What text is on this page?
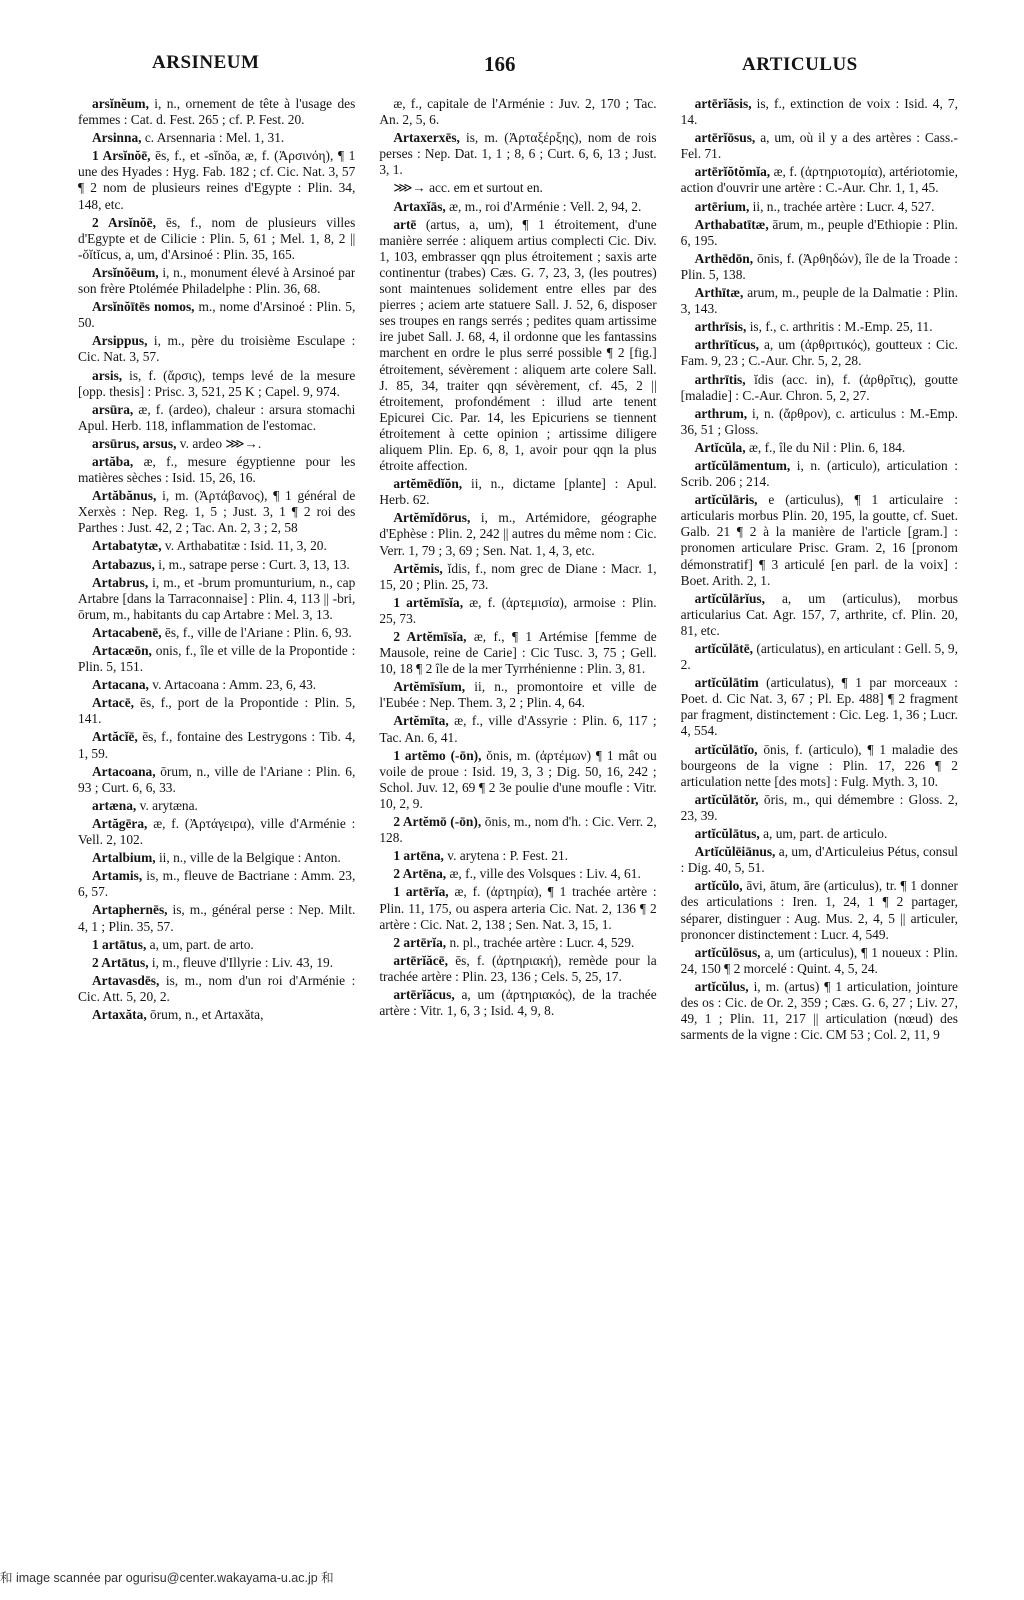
ARSINEUM	166	ARTICULUS

arsĭnĕum, i, n., ornement de tête à l'usage des femmes : Cat. d. Fest. 265 ; cf. P. Fest. 20.

Arsinna, c. Arsennaria : Mel. 1, 31.

1 Arsĭnŏē, ēs, f., et -sĭnŏa, æ, f. (Ἀρσινόη), ¶ 1 une des Hyades : Hyg. Fab. 182 ; cf. Cic. Nat. 3, 57 ¶ 2 nom de plusieurs reines d'Egypte : Plin. 34, 148, etc.

2 Arsĭnŏē, ēs, f., nom de plusieurs villes d'Egypte et de Cilicie : Plin. 5, 61 ; Mel. 1, 8, 2 || -ŏĭtĭcus, a, um, d'Arsinoé : Plin. 35, 165.

Arsĭnŏēum, i, n., monument élevé à Arsinoé par son frère Ptolémée Philadelphe : Plin. 36, 68.

Arsĭnŏītēs nomos, m., nome d'Arsinoé : Plin. 5, 50.

Arsippus, i, m., père du troisième Esculape : Cic. Nat. 3, 57.

arsis, is, f. (ἄρσις), temps levé de la mesure [opp. thesis] : Prisc. 3, 521, 25 K ; Capel. 9, 974.

arsūra, æ, f. (ardeo), chaleur : arsura stomachi Apul. Herb. 118, inflammation de l'estomac.

arsūrus, arsus, v. ardeo ⋙→.

artăba, æ, f., mesure égyptienne pour les matières sèches : Isid. 15, 26, 16.

Artăbănus, i, m. (Ἀρτάβανος), ¶ 1 général de Xerxès : Nep. Reg. 1, 5 ; Just. 3, 1 ¶ 2 roi des Parthes : Just. 42, 2 ; Tac. An. 2, 3 ; 2, 58

Artabatytæ, v. Arthabatitæ : Isid. 11, 3, 20.

Artabazus, i, m., satrape perse : Curt. 3, 13, 13.

Artabrus, i, m., et -brum promunturium, n., cap Artabre [dans la Tarraconnaise] : Plin. 4, 113 || -bri, ōrum, m., habitants du cap Artabre : Mel. 3, 13.

Artacabenē, ēs, f., ville de l'Ariane : Plin. 6, 93.

Artacæōn, onis, f., île et ville de la Propontide : Plin. 5, 151.

Artacana, v. Artacoana : Amm. 23, 6, 43.

Artacē, ēs, f., port de la Propontide : Plin. 5, 141.

Artăcĭē, ēs, f., fontaine des Lestrygons : Tib. 4, 1, 59.

Artacoana, ōrum, n., ville de l'Ariane : Plin. 6, 93 ; Curt. 6, 6, 33.

artæna, v. arytæna.

Artăgēra, æ, f. (Ἀρτάγειρα), ville d'Arménie : Vell. 2, 102.

Artalbium, ii, n., ville de la Belgique : Anton.

Artamis, is, m., fleuve de Bactriane : Amm. 23, 6, 57.

Artaphernēs, is, m., général perse : Nep. Milt. 4, 1 ; Plin. 35, 57.

1 artātus, a, um, part. de arto.

2 Artātus, i, m., fleuve d'Illyrie : Liv. 43, 19.

Artavasdēs, is, m., nom d'un roi d'Arménie : Cic. Att. 5, 20, 2.

Artaxăta, ōrum, n., et Artaxăta,

æ, f., capitale de l'Arménie : Juv. 2, 170 ; Tac. An. 2, 5, 6.

Artaxerxēs, is, m. (Ἀρταξέρξης), nom de rois perses : Nep. Dat. 1, 1 ; 8, 6 ; Curt. 6, 6, 13 ; Just. 3, 1.

⋙→ acc. em et surtout en.

Artaxĭās, æ, m., roi d'Arménie : Vell. 2, 94, 2.

artē (artus, a, um), ¶ 1 étroitement, d'une manière serrée : aliquem artius complecti Cic. Div. 1, 103, embrasser qqn plus étroitement ; saxis arte continentur (trabes) Cæs. G. 7, 23, 3, (les poutres) sont maintenues solidement entre elles par des pierres ; aciem arte statuere Sall. J. 52, 6, disposer ses troupes en rangs serrés ; pedites quam artissime ire jubet Sall. J. 68, 4, il ordonne que les fantassins marchent en ordre le plus serré possible ¶ 2 [fig.] étroitement, sévèrement : aliquem arte colere Sall. J. 85, 34, traiter qqn sévèrement, cf. 45, 2 || étroitement, profondément : illud arte tenent Epicurei Cic. Par. 14, les Epicuriens se tiennent étroitement à cette opinion ; artissime diligere aliquem Plin. Ep. 6, 8, 1, avoir pour qqn la plus étroite affection.

artĕmēdĭŏn, ii, n., dictame [plante] : Apul. Herb. 62.

Artĕmĭdōrus, i, m., Artémidore, géographe d'Ephèse : Plin. 2, 242 || autres du même nom : Cic. Verr. 1, 79 ; 3, 69 ; Sen. Nat. 1, 4, 3, etc.

Artĕmis, ĭdis, f., nom grec de Diane : Macr. 1, 15, 20 ; Plin. 25, 73.

1 artĕmīsĭa, æ, f. (ἀρτεμισία), armoise : Plin. 25, 73.

2 Artĕmīsĭa, æ, f., ¶ 1 Artémise [femme de Mausole, reine de Carie] : Cic Tusc. 3, 75 ; Gell. 10, 18 ¶ 2 île de la mer Tyrrhénienne : Plin. 3, 81.

Artĕmīsĭum, ii, n., promontoire et ville de l'Eubée : Nep. Them. 3, 2 ; Plin. 4, 64.

Artĕmīta, æ, f., ville d'Assyrie : Plin. 6, 117 ; Tac. An. 6, 41.

1 artĕmo (-ōn), ŏnis, m. (ἀρτέμων) ¶ 1 mât ou voile de proue : Isid. 19, 3, 3 ; Dig. 50, 16, 242 ; Schol. Juv. 12, 69 ¶ 2 3e poulie d'une moufle : Vitr. 10, 2, 9.

2 Artĕmō (-ōn), ōnis, m., nom d'h. : Cic. Verr. 2, 128.

1 artēna, v. arytena : P. Fest. 21.

2 Artēna, æ, f., ville des Volsques : Liv. 4, 61.

1 artērĭa, æ, f. (ἀρτηρία), ¶ 1 trachée artère : Plin. 11, 175, ou aspera arteria Cic. Nat. 2, 136 ¶ 2 artère : Cic. Nat. 2, 138 ; Sen. Nat. 3, 15, 1.

2 artērĭa, n. pl., trachée artère : Lucr. 4, 529.

artērĭăcē, ēs, f. (ἀρτηριακή), remède pour la trachée artère : Plin. 23, 136 ; Cels. 5, 25, 17.

artērĭăcus, a, um (ἀρτηριακός), de la trachée artère : Vitr. 1, 6, 3 ; Isid. 4, 9, 8.

artērĭăsis, is, f., extinction de voix : Isid. 4, 7, 14.

artērĭōsus, a, um, où il y a des artères : Cass.-Fel. 71.

artērĭŏtŏmĭa, æ, f. (ἀρτηριοτομία), artériotomie, action d'ouvrir une artère : C.-Aur. Chr. 1, 1, 45.

artērium, ii, n., trachée artère : Lucr. 4, 527.

Arthabatītæ, ārum, m., peuple d'Ethiopie : Plin. 6, 195.

Arthēdōn, ōnis, f. (Ἀρθηδών), île de la Troade : Plin. 5, 138.

Arthītæ, arum, m., peuple de la Dalmatie : Plin. 3, 143.

arthrīsis, is, f., c. arthritis : M.-Emp. 25, 11.

arthrītĭcus, a, um (ἀρθριτικός), goutteux : Cic. Fam. 9, 23 ; C.-Aur. Chr. 5, 2, 28.

arthrītis, ĭdis (acc. in), f. (ἀρθρῖτις), goutte [maladie] : C.-Aur. Chron. 5, 2, 27.

arthrum, i, n. (ἄρθρον), c. articulus : M.-Emp. 36, 51 ; Gloss.

Artĭcŭla, æ, f., île du Nil : Plin. 6, 184.

artĭcŭlāmentum, i, n. (articulo), articulation : Scrib. 206 ; 214.

artĭcŭlāris, e (articulus), ¶ 1 articulaire : articularis morbus Plin. 20, 195, la goutte, cf. Suet. Galb. 21 ¶ 2 à la manière de l'article [gram.] : pronomen articulare Prisc. Gram. 2, 16 [pronom démonstratif] ¶ 3 articulé [en parl. de la voix] : Boet. Arith. 2, 1.

artĭcŭlārĭus, a, um (articulus), morbus articularius Cat. Agr. 157, 7, arthrite, cf. Plin. 20, 81, etc.

artĭcŭlātē, (articulatus), en articulant : Gell. 5, 9, 2.

artĭcŭlātim (articulatus), ¶ 1 par morceaux : Poet. d. Cic Nat. 3, 67 ; Pl. Ep. 488] ¶ 2 fragment par fragment, distinctement : Cic. Leg. 1, 36 ; Lucr. 4, 554.

artĭcŭlātĭo, ōnis, f. (articulo), ¶ 1 maladie des bourgeons de la vigne : Plin. 17, 226 ¶ 2 articulation nette [des mots] : Fulg. Myth. 3, 10.

artĭcŭlātŏr, ōris, m., qui démembre : Gloss. 2, 23, 39.

artĭcŭlātus, a, um, part. de articulo.

Artĭcŭlēiānus, a, um, d'Articuleius Pétus, consul : Dig. 40, 5, 51.

artĭcŭlo, āvi, ātum, āre (articulus), tr. ¶ 1 donner des articulations : Iren. 1, 24, 1 ¶ 2 partager, séparer, distinguer : Aug. Mus. 2, 4, 5 || articuler, prononcer distinctement : Lucr. 4, 549.

artĭcŭlōsus, a, um (articulus), ¶ 1 noueux : Plin. 24, 150 ¶ 2 morcelé : Quint. 4, 5, 24.

artĭcŭlus, i, m. (artus) ¶ 1 articulation, jointure des os : Cic. de Or. 2, 359 ; Cæs. G. 6, 27 ; Liv. 27, 49, 1 ; Plin. 11, 217 || articulation (nœud) des sarments de la vigne : Cic. CM 53 ; Col. 2, 11, 9

和 image scannée par ogurisu@center.wakayama-u.ac.jp 和
